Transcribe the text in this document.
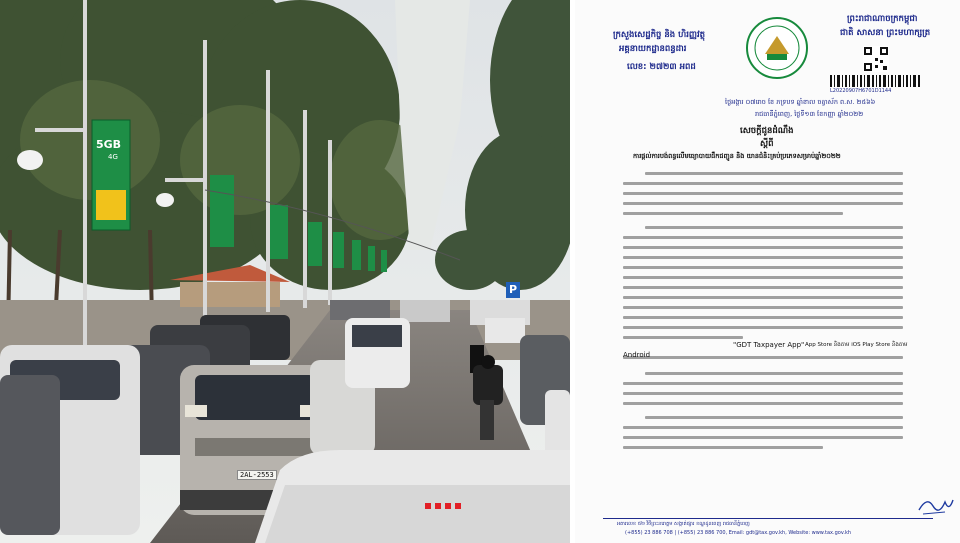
5GB
4G
2AL-2553
P
ក្រសួងសេដ្ឋកិច្ច និង ហិរញ្ញវត្ថុ
អគ្គនាយកដ្ឋានពន្ធដារ
លេខ: ២៧២៣ អពដ
ព្រះរាជាណាចក្រកម្ពុជា
ជាតិ សាសនា ព្រះមហាក្សត្រ
L20220907H6701D1144
ថ្ងៃអង្គារ ០៧រោច ខែ ភទ្របទ ឆ្នាំខាល ចត្វាស័ក ព.ស. ២៥៦៦
រាជធានីភ្នំពេញ, ថ្ងៃទី១៣ ខែកញ្ញា ឆ្នាំ២០២២
សេចក្ដីជូនដំណឹង
ស្ដីពី
ការផ្ដល់ការបង់ពន្ធលើមធ្យោបាយដឹកជញ្ជូន និង យានជំនិះគ្រប់ប្រភេទសម្រាប់ឆ្នាំ២០២២
"GDT Taxpayer App" App Store និងតាម iOS Play Store និងតាម
Android
អគារលេខ ៥២ វិថីព្រះនរោត្តម សង្កាត់ផ្សារ ខណ្ឌដូនពេញ រាជធានីភ្នំពេញ
(+855) 23 886 708 | (+855) 23 886 700, Email: gdt@tax.gov.kh, Website: www.tax.gov.kh
